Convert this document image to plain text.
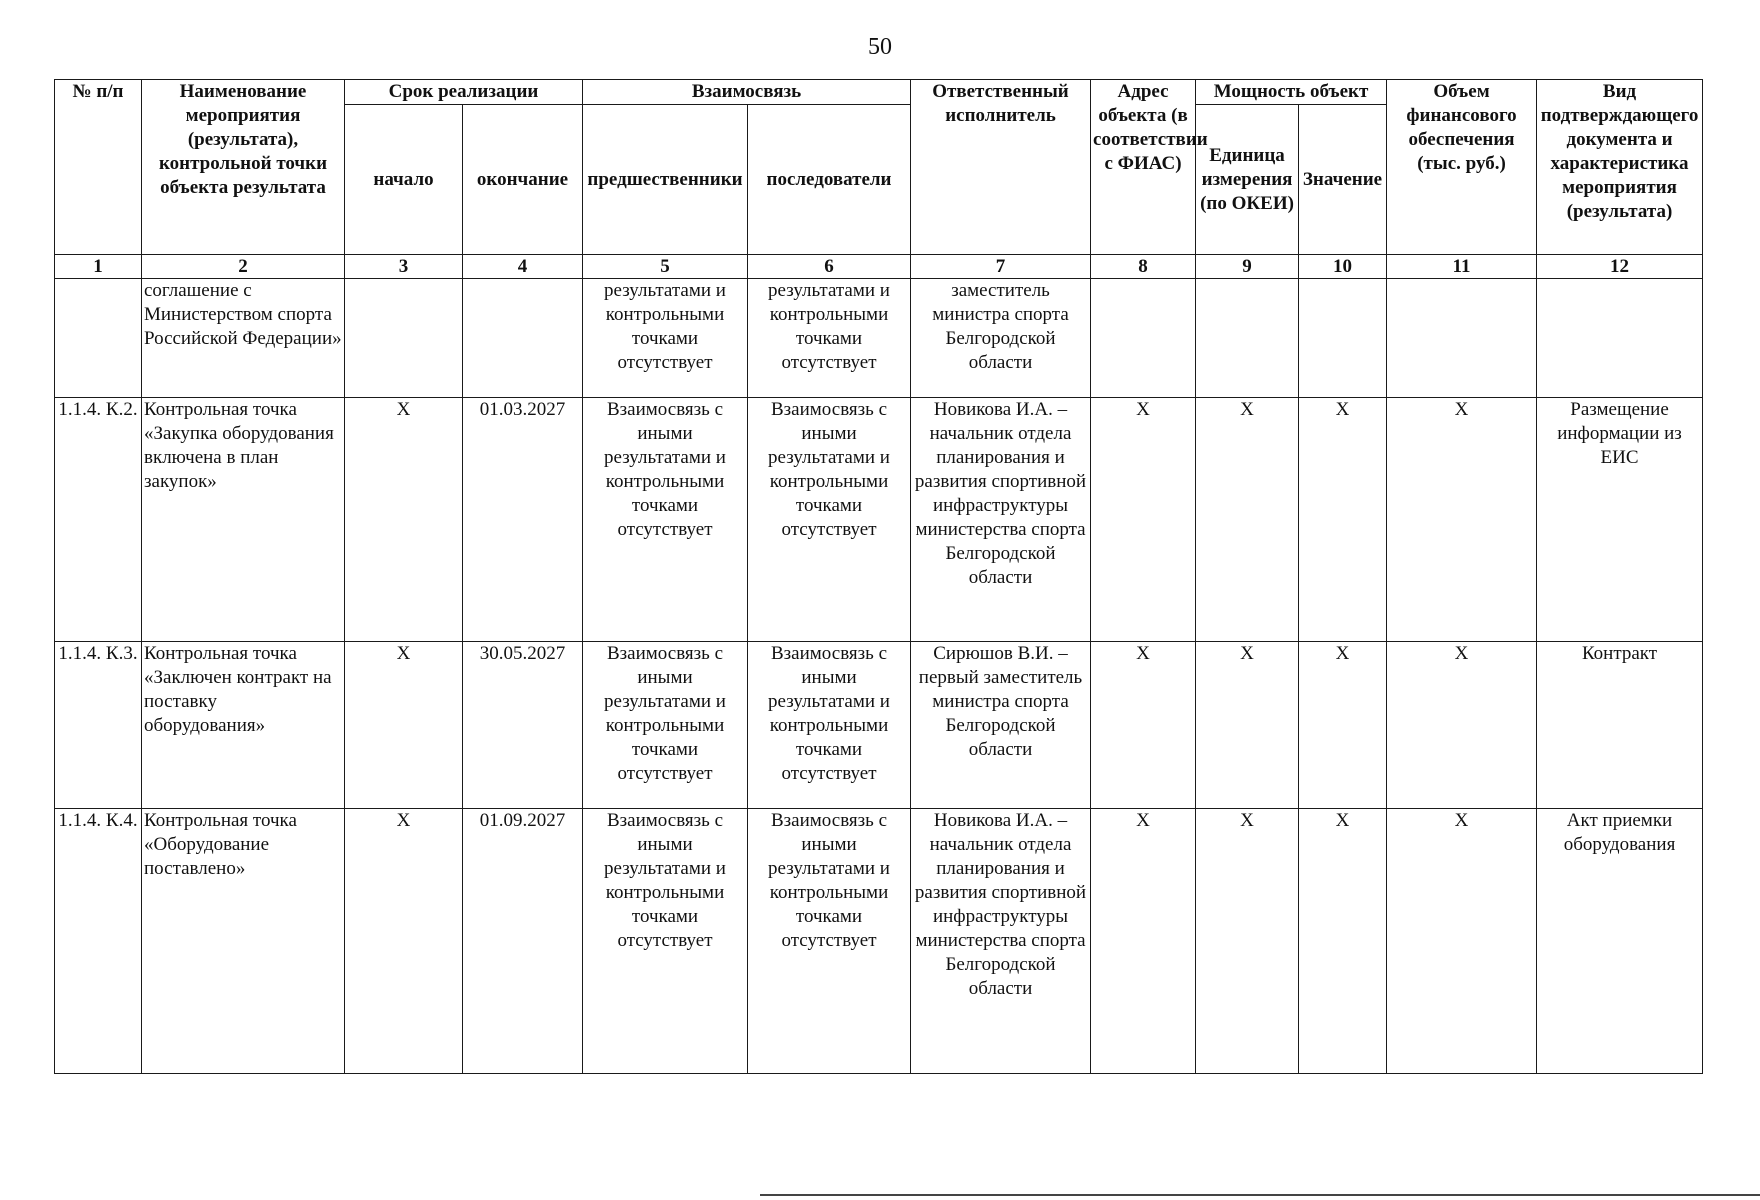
50
№ п/п	Наименование мероприятия (результата), контрольной точки объекта результата	Срок реализации		Взаимосвязь		Ответственный исполнитель	Адрес объекта (в соответствии с ФИАС)	Мощность объект		Объем финансового обеспечения (тыс. руб.)	Вид подтверждающего документа и характеристика мероприятия (результата)
		начало	окончание	предшественники	последователи			Единица измерения (по ОКЕИ)	Значение		
1	2	3	4	5	6	7	8	9	10	11	12
	соглашение с Министерством спорта Российской Федерации»			результатами и контрольными точками отсутствует	результатами и контрольными точками отсутствует	заместитель министра спорта Белгородской области					
1.1.4. К.2.	Контрольная точка «Закупка оборудования включена в план закупок»	Х	01.03.2027	Взаимосвязь с иными результатами и контрольными точками отсутствует	Взаимосвязь с иными результатами и контрольными точками отсутствует	Новикова И.А. – начальник отдела планирования и развития спортивной инфраструктуры министерства спорта Белгородской области	Х	Х	Х	Х	Размещение информации из ЕИС
1.1.4. К.3.	Контрольная точка «Заключен контракт на поставку оборудования»	Х	30.05.2027	Взаимосвязь с иными результатами и контрольными точками отсутствует	Взаимосвязь с иными результатами и контрольными точками отсутствует	Сирюшов В.И. – первый заместитель министра спорта Белгородской области	Х	Х	Х	Х	Контракт
1.1.4. К.4.	Контрольная точка «Оборудование поставлено»	Х	01.09.2027	Взаимосвязь с иными результатами и контрольными точками отсутствует	Взаимосвязь с иными результатами и контрольными точками отсутствует	Новикова И.А. – начальник отдела планирования и развития спортивной инфраструктуры министерства спорта Белгородской области	Х	Х	Х	Х	Акт приемки оборудования
